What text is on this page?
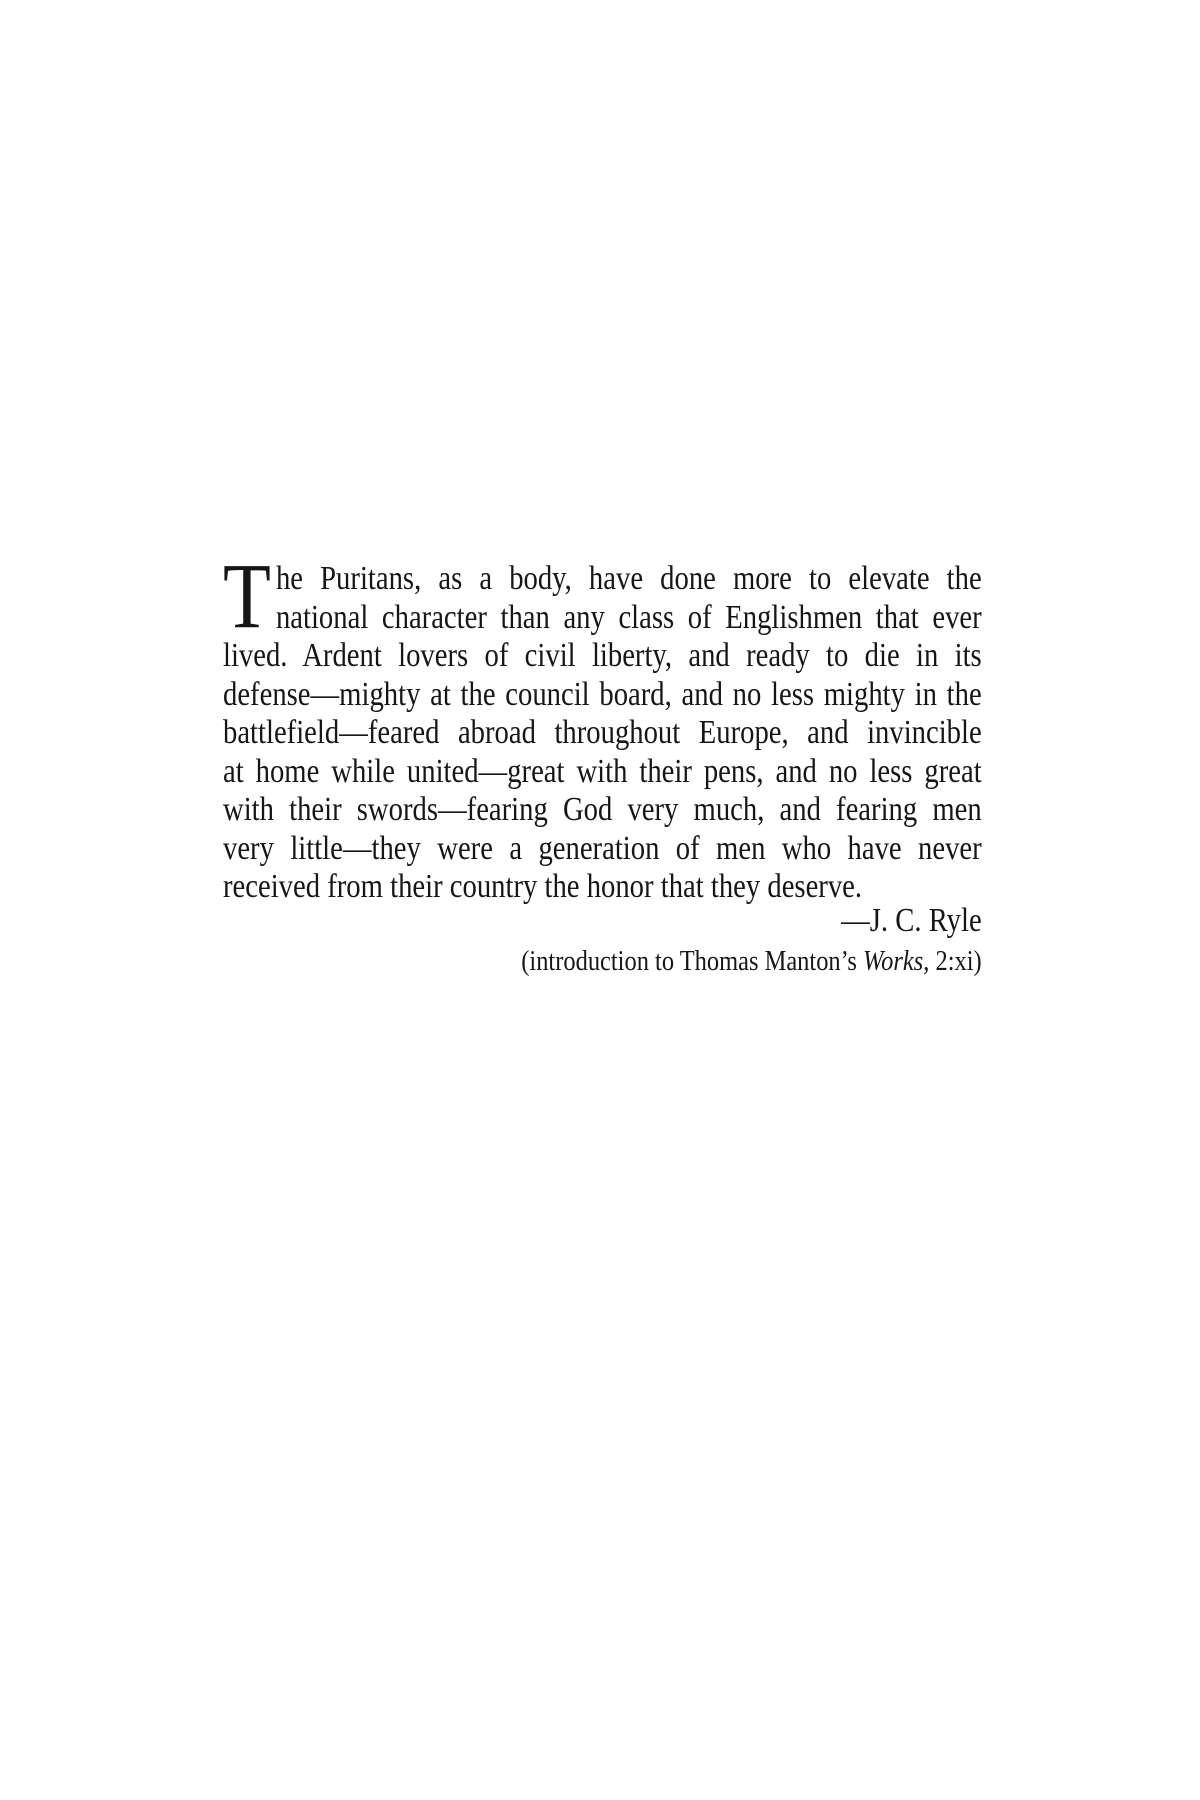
T he Puritans, as a body, have done more to elevate the
national character than any class of Englishmen that ever
lived. Ardent lovers of civil liberty, and ready to die in its
defense—mighty at the council board, and no less mighty in the
battlefield—feared abroad throughout Europe, and invincible
at home while united—great with their pens, and no less great
with their swords—fearing God very much, and fearing men
very little—they were a generation of men who have never
received from their country the honor that they deserve.
—J. C. Ryle
(introduction to Thomas Manton’s Works, 2:xi)
